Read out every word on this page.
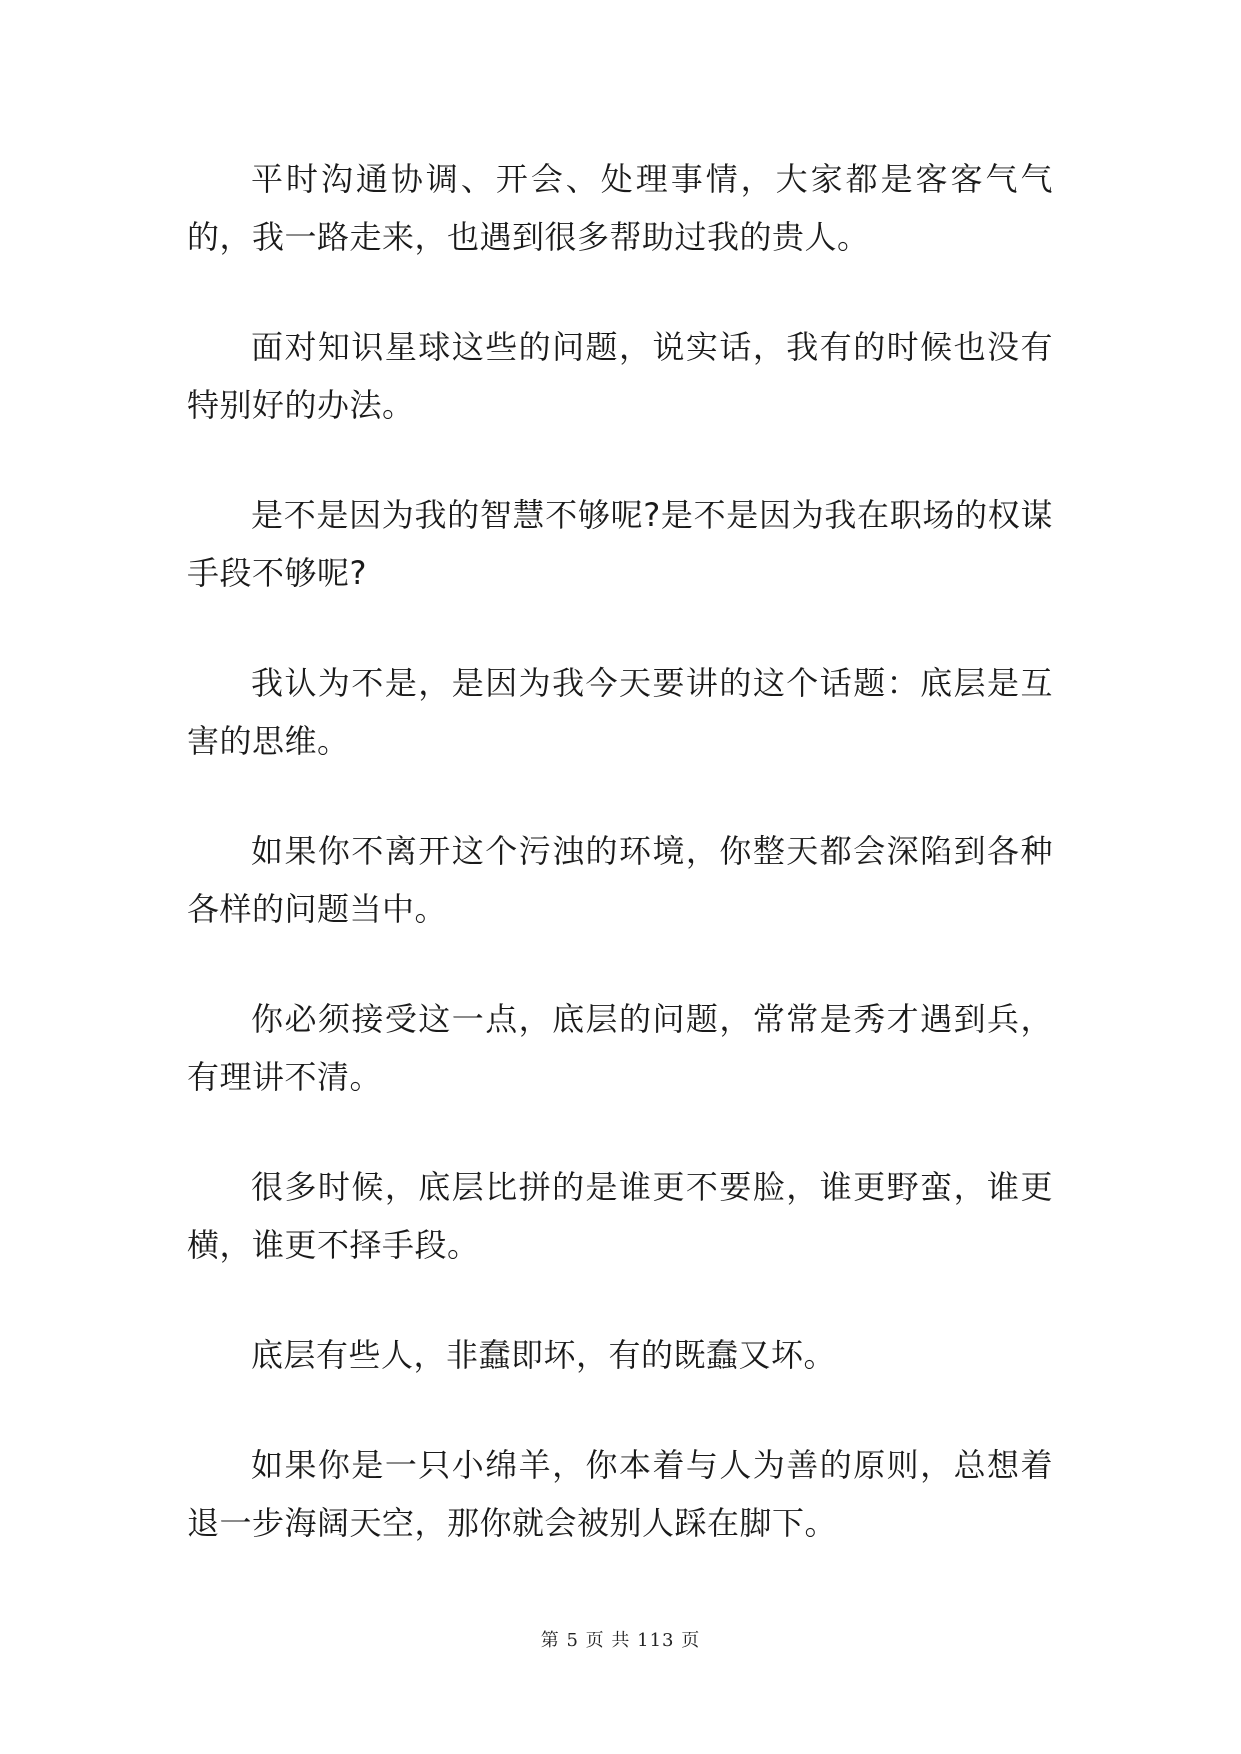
平时沟通协调、开会、处理事情，大家都是客客气气的，我一路走来，也遇到很多帮助过我的贵人。

面对知识星球这些的问题，说实话，我有的时候也没有特别好的办法。

是不是因为我的智慧不够呢?是不是因为我在职场的权谋手段不够呢?

我认为不是，是因为我今天要讲的这个话题：底层是互害的思维。

如果你不离开这个污浊的环境，你整天都会深陷到各种各样的问题当中。

你必须接受这一点，底层的问题，常常是秀才遇到兵，有理讲不清。

很多时候，底层比拼的是谁更不要脸，谁更野蛮，谁更横，谁更不择手段。

底层有些人，非蠢即坏，有的既蠢又坏。

如果你是一只小绵羊，你本着与人为善的原则，总想着退一步海阔天空，那你就会被别人踩在脚下。

第 5 页 共 113 页
